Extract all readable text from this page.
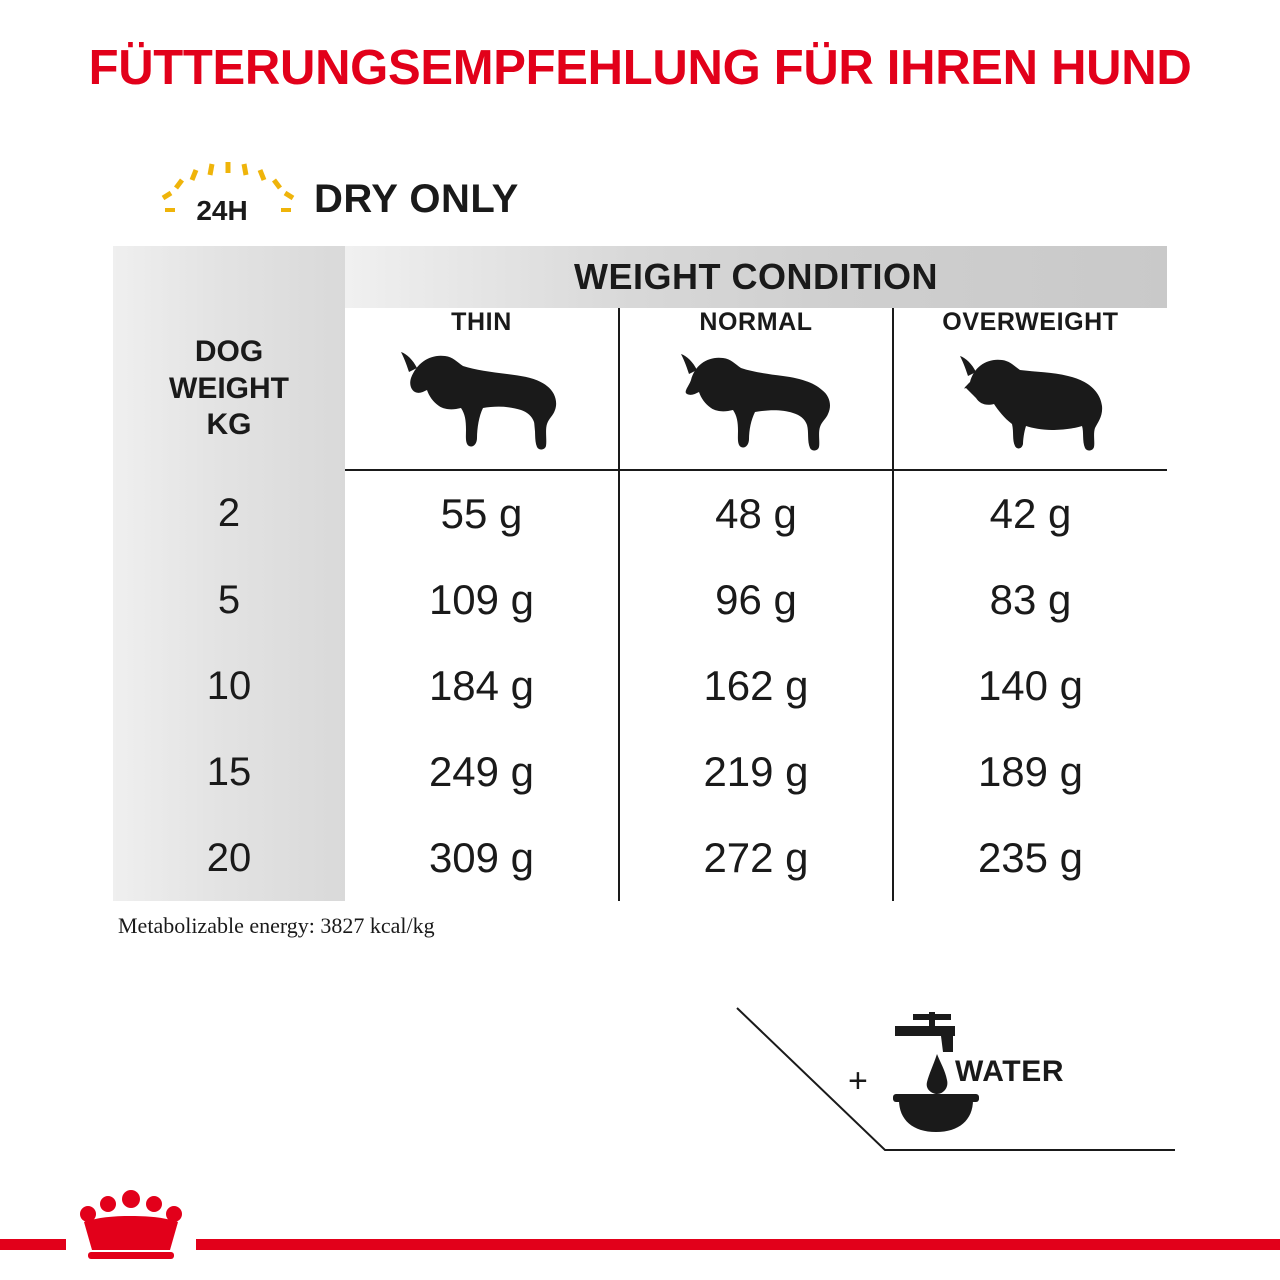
FÜTTERUNGSEMPFEHLUNG FÜR IHREN HUND
24H DRY ONLY
	WEIGHT CONDITION		

DOG
WEIGHT
KG	THIN	NORMAL	OVERWEIGHT

2	55 g	48 g	42 g
5	109 g	96 g	83 g
10	184 g	162 g	140 g
15	249 g	219 g	189 g
20	309 g	272 g	235 g
Metabolizable energy: 3827 kcal/kg
+	WATER
